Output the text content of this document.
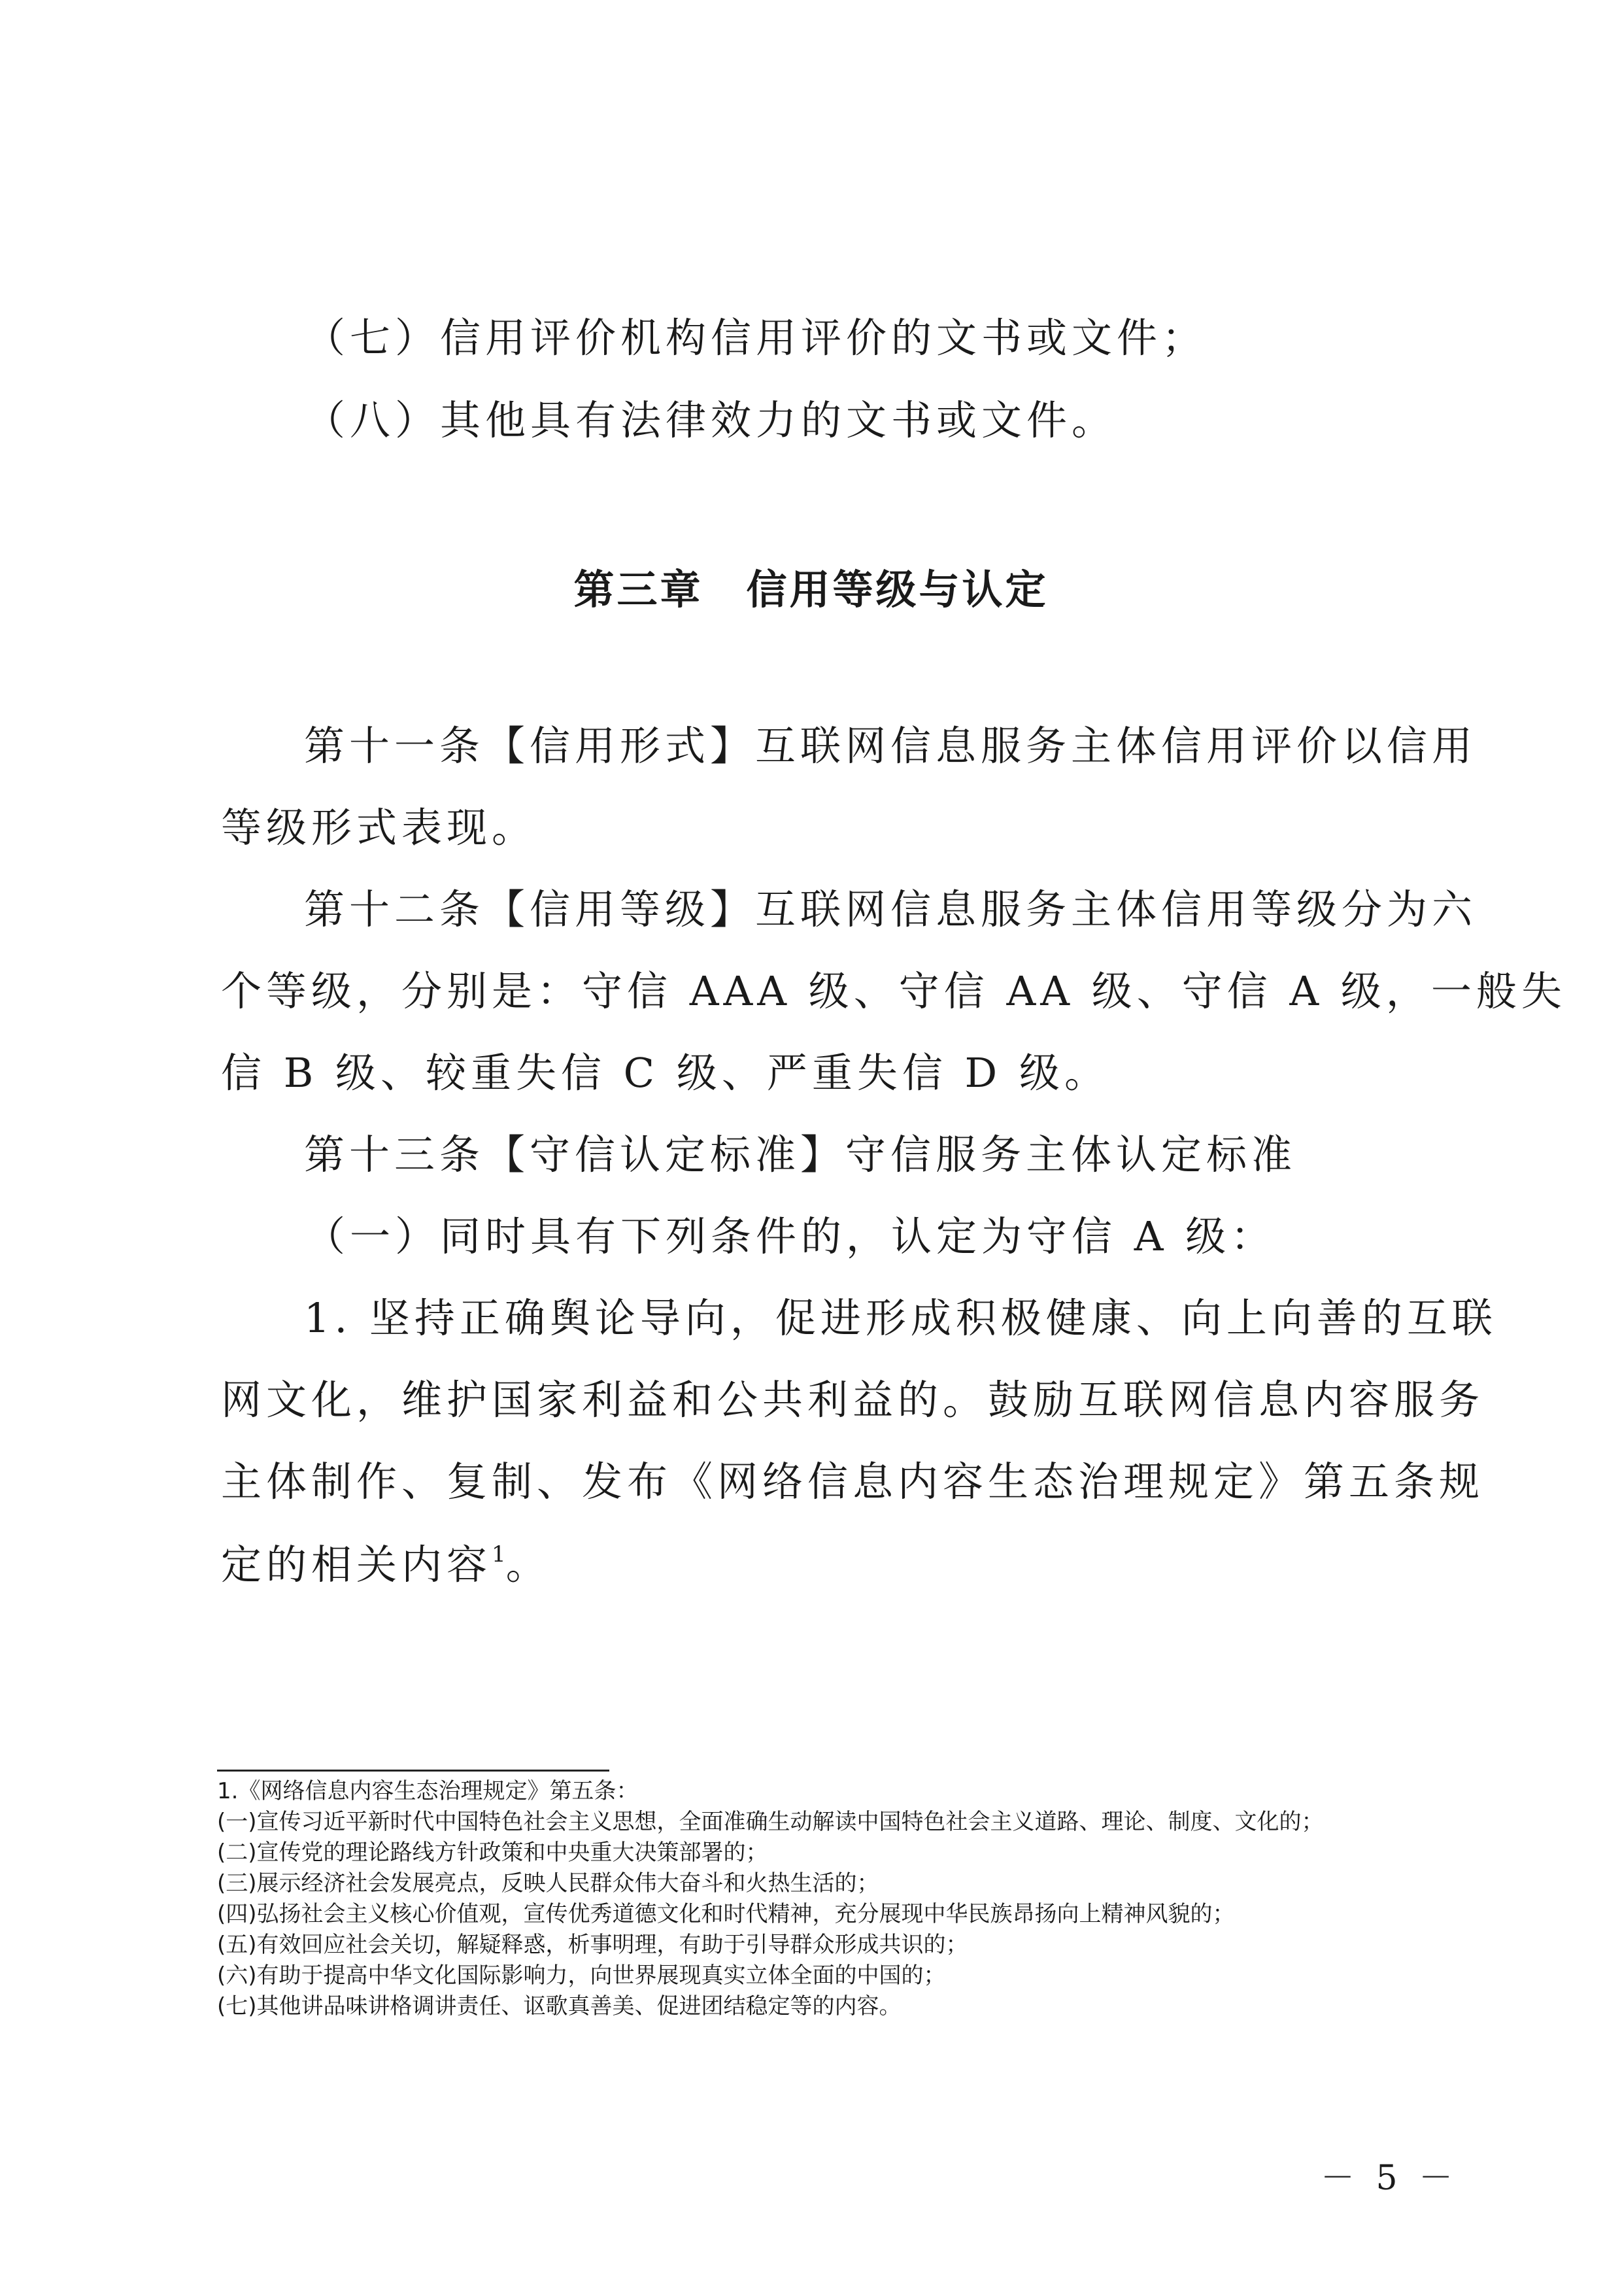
（七）信用评价机构信用评价的文书或文件；
（八）其他具有法律效力的文书或文件。
第三章　信用等级与认定
第十一条【信用形式】互联网信息服务主体信用评价以信用
等级形式表现。
第十二条【信用等级】互联网信息服务主体信用等级分为六
个等级，分别是：守信 AAA 级、守信 AA 级、守信 A 级，一般失
信 B 级、较重失信 C 级、严重失信 D 级。
第十三条【守信认定标准】守信服务主体认定标准
（一）同时具有下列条件的，认定为守信 A 级：
1. 坚持正确舆论导向，促进形成积极健康、向上向善的互联
网文化，维护国家利益和公共利益的。鼓励互联网信息内容服务
主体制作、复制、发布《网络信息内容生态治理规定》第五条规
定的相关内容$^1$。
1.《网络信息内容生态治理规定》第五条：
(一)宣传习近平新时代中国特色社会主义思想，全面准确生动解读中国特色社会主义道路、理论、制度、文化的；
(二)宣传党的理论路线方针政策和中央重大决策部署的；
(三)展示经济社会发展亮点，反映人民群众伟大奋斗和火热生活的；
(四)弘扬社会主义核心价值观，宣传优秀道德文化和时代精神，充分展现中华民族昂扬向上精神风貌的；
(五)有效回应社会关切，解疑释惑，析事明理，有助于引导群众形成共识的；
(六)有助于提高中华文化国际影响力，向世界展现真实立体全面的中国的；
(七)其他讲品味讲格调讲责任、讴歌真善美、促进团结稳定等的内容。
－ 5 －
